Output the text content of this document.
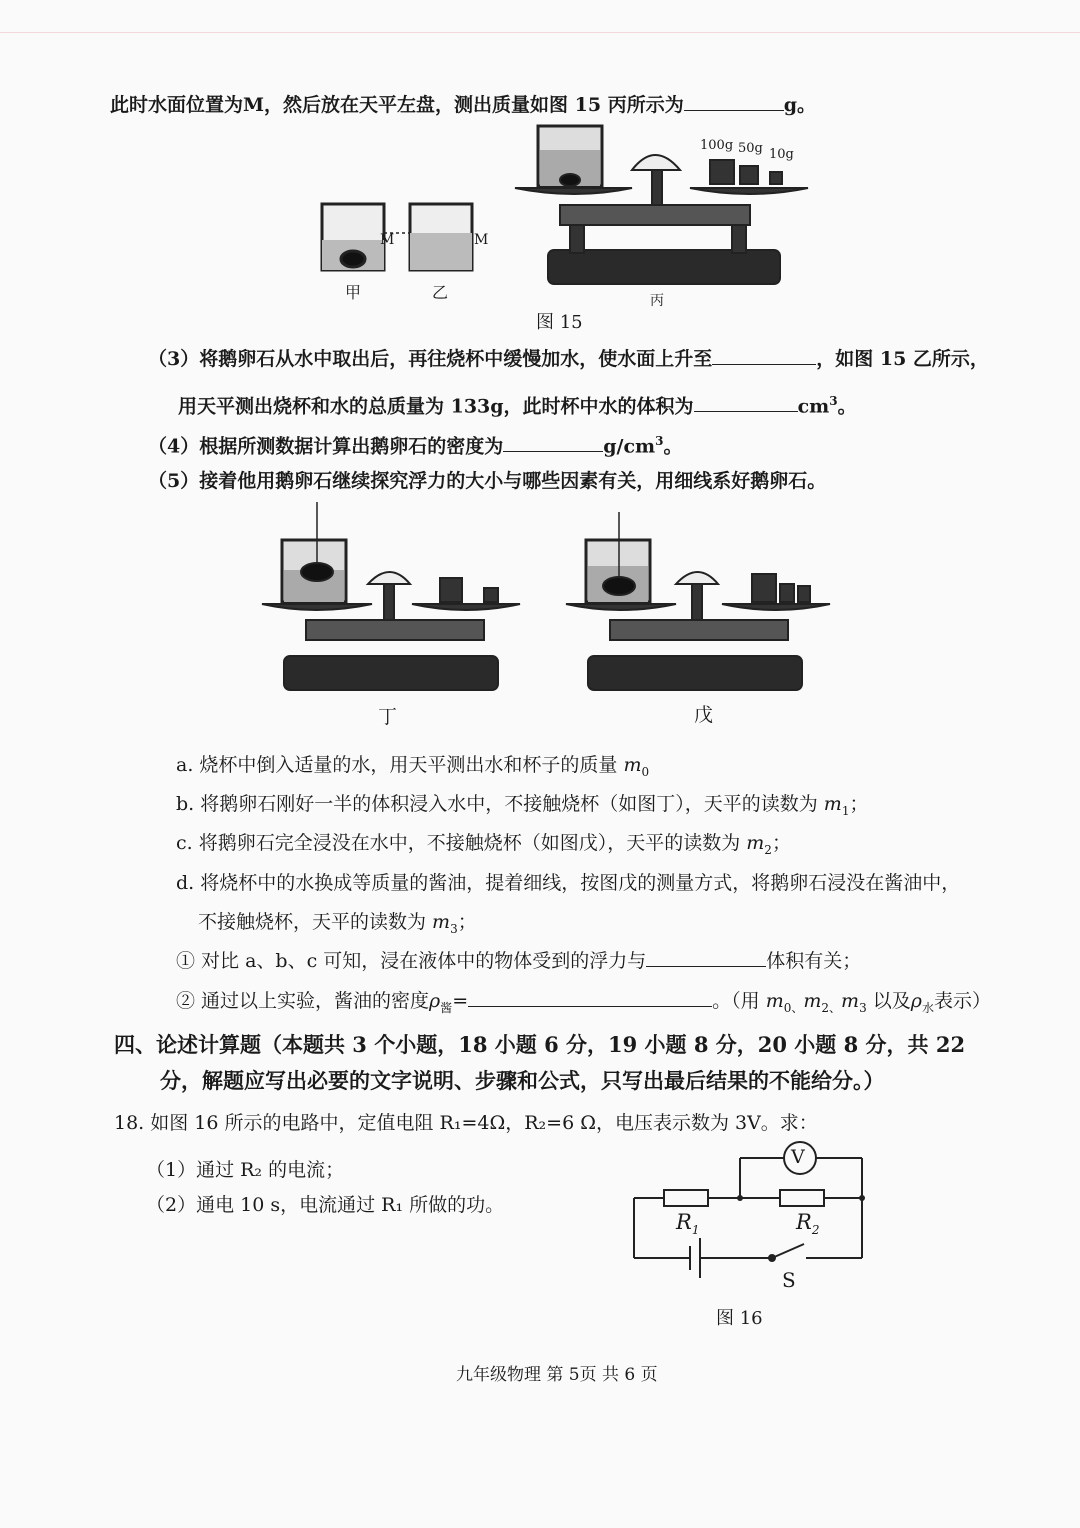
此时水面位置为M，然后放在天平左盘，测出质量如图 15 丙所示为	g。
M	M
100g 50g 10g
甲	乙	丙
图 15
（3）将鹅卵石从水中取出后，再往烧杯中缓慢加水，使水面上升至	，如图 15 乙所示，
用天平测出烧杯和水的总质量为 133g，此时杯中水的体积为	$cm^3$。
（4）根据所测数据计算出鹅卵石的密度为	$g/cm^3$。
（5）接着他用鹅卵石继续探究浮力的大小与哪些因素有关，用细线系好鹅卵石。
丁	戊
a. 烧杯中倒入适量的水，用天平测出水和杯子的质量 $m_0$
b. 将鹅卵石刚好一半的体积浸入水中，不接触烧杯（如图丁），天平的读数为 $m_1$；
c. 将鹅卵石完全浸没在水中，不接触烧杯（如图戊），天平的读数为 $m_2$；
d. 将烧杯中的水换成等质量的酱油，提着细线，按图戊的测量方式，将鹅卵石浸没在酱油中，
不接触烧杯，天平的读数为 $m_3$；
① 对比 a、b、c 可知，浸在液体中的物体受到的浮力与	体积有关；
② 通过以上实验，酱油的密度$\rho_酱=$	。（用 $m_{0、}m_{2、}m_3$ 以及$\rho_水$表示）
四、论述计算题（本题共 3 个小题，18 小题 6 分，19 小题 8 分，20 小题 8 分，共 22
分，解题应写出必要的文字说明、步骤和公式，只写出最后结果的不能给分。）
18. 如图 16 所示的电路中，定值电阻 R₁=4Ω，R₂=6 Ω，电压表示数为 3V。求：
（1）通过 R₂ 的电流；
（2）通电 10 s，电流通过 R₁ 所做的功。
V
$R_1$	$R_2$
S
图 16
九年级物理 第 5页 共 6 页
